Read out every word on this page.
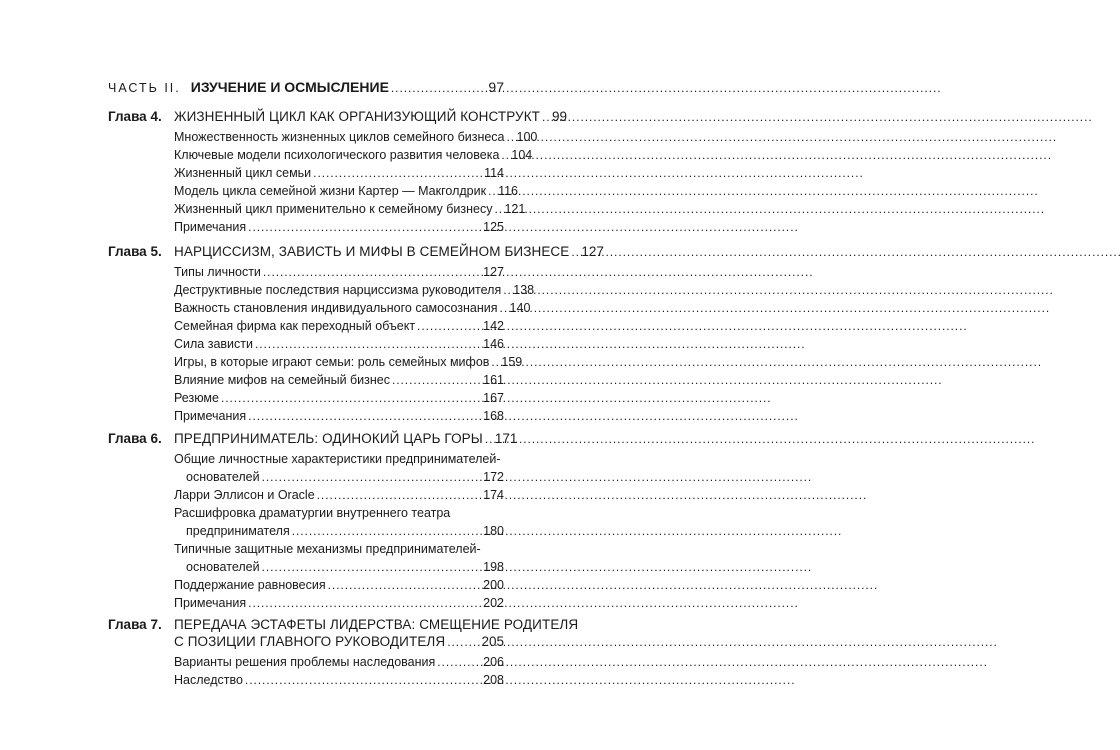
ЧАСТЬ II. ИЗУЧЕНИЕ И ОСМЫСЛЕНИЕ . . .	97
Глава 4. ЖИЗНЕННЫЙ ЦИКЛ КАК ОРГАНИЗУЮЩИЙ КОНСТРУКТ . . . 99
Множественность жизненных циклов семейного бизнеса . . . 100
Ключевые модели психологического развития человека . . . 104
Жизненный цикл семьи . . .	114
Модель цикла семейной жизни Картер — Макголдрик . . . 116
Жизненный цикл применительно к семейному бизнесу . . . 121
Примечания . . .	125
Глава 5. НАРЦИССИЗМ, ЗАВИСТЬ И МИФЫ В СЕМЕЙНОМ БИЗНЕСЕ . . . 127
Типы личности . . .	127
Деструктивные последствия нарциссизма руководителя . . . 138
Важность становления индивидуального самосознания . . . 140
Семейная фирма как переходный объект . . .	142
Сила зависти . . .	146
Игры, в которые играют семьи: роль семейных мифов . . . 159
Влияние мифов на семейный бизнес . . .	161
Резюме . . .	167
Примечания . . .	168
Глава 6. ПРЕДПРИНИМАТЕЛЬ: ОДИНОКИЙ ЦАРЬ ГОРЫ . . . 171
Общие личностные характеристики предпринимателей-
основателей . . .	172
Ларри Эллисон и Oracle . . .	174
Расшифровка драматургии внутреннего театра
предпринимателя . . .	180
Типичные защитные механизмы предпринимателей-
основателей . . .	198
Поддержание равновесия . . .	200
Примечания . . .	202
Глава 7. ПЕРЕДАЧА ЭСТАФЕТЫ ЛИДЕРСТВА: СМЕЩЕНИЕ РОДИТЕЛЯ
С ПОЗИЦИИ ГЛАВНОГО РУКОВОДИТЕЛЯ . . .	205
Варианты решения проблемы наследования . . .	206
Наследство . . .	208
